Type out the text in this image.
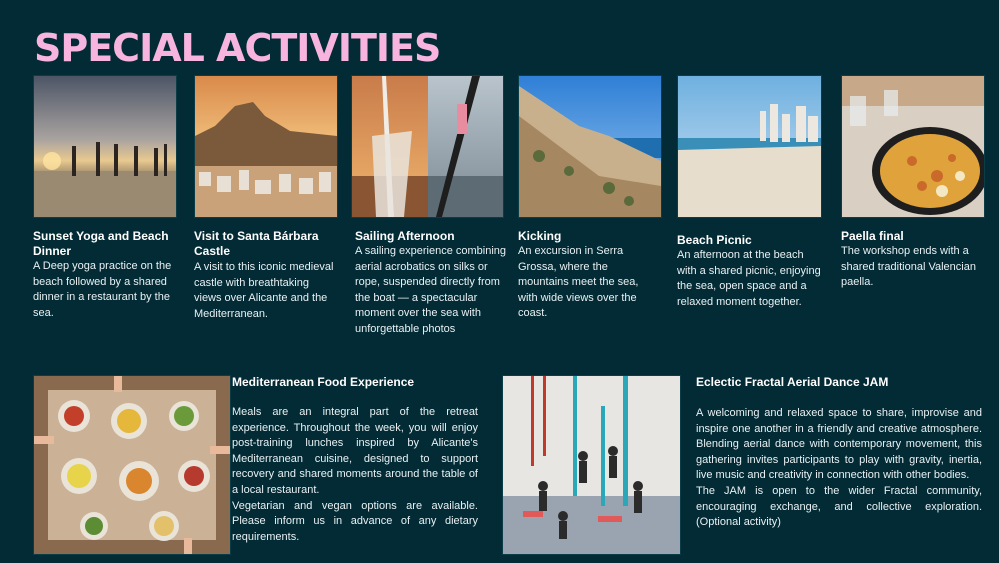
SPECIAL ACTIVITIES
Sunset Yoga and Beach Dinner
A Deep yoga practice on the beach followed by a shared dinner in a restaurant by the sea.
Visit to Santa Bárbara Castle
A visit to this iconic medieval castle with breathtaking views over Alicante and the Mediterranean.
Sailing Afternoon
A sailing experience combining aerial acrobatics on silks or rope, suspended directly from the boat — a spectacular moment over the sea with unforgettable photos
Kicking
An excursion in Serra Grossa, where the mountains meet the sea, with wide views over the coast.
Beach Picnic
An afternoon at the beach with a shared picnic, enjoying the sea, open space and a relaxed moment together.
Paella final
The workshop ends with a shared traditional Valencian paella.
Mediterranean Food Experience

Meals are an integral part of the retreat experience. Throughout the week, you will enjoy post-training lunches inspired by Alicante's Mediterranean cuisine, designed to support recovery and shared moments around the table of a local restaurant.

Vegetarian and vegan options are available. Please inform us in advance of any dietary requirements.

Eclectic Fractal Aerial Dance JAM

A welcoming and relaxed space to share, improvise and inspire one another in a friendly and creative atmosphere. Blending aerial dance with contemporary movement, this gathering invites participants to play with gravity, inertia, live music and creativity in connection with other bodies.

The JAM is open to the wider Fractal community, encouraging exchange, and collective exploration. (Optional activity)
